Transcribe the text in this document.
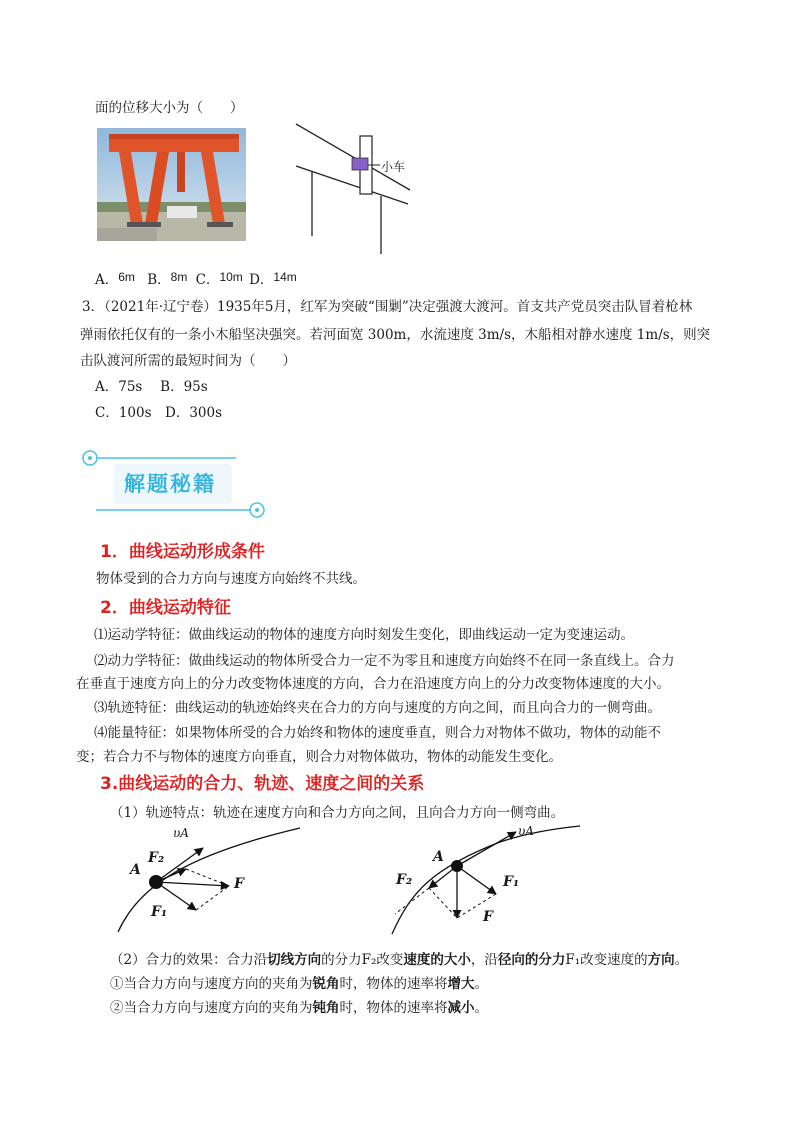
面的位移大小为（　　）
小车
A．6m B．8m C．10m D．14m
3．（2021年·辽宁卷）1935年5月，红军为突破“围剿”决定强渡大渡河。首支共产党员突击队冒着枪林
弹雨依托仅有的一条小木船坚决强突。若河面宽 300m，水流速度 3m/s，木船相对静水速度 1m/s，则突
击队渡河所需的最短时间为（　　）
A．75s　 B．95s
C．100s　D．300s
解题秘籍
1．曲线运动形成条件
物体受到的合力方向与速度方向始终不共线。
2．曲线运动特征
⑴运动学特征：做曲线运动的物体的速度方向时刻发生变化，即曲线运动一定为变速运动。
⑵动力学特征：做曲线运动的物体所受合力一定不为零且和速度方向始终不在同一条直线上。合力
在垂直于速度方向上的分力改变物体速度的方向，合力在沿速度方向上的分力改变物体速度的大小。
⑶轨迹特征：曲线运动的轨迹始终夹在合力的方向与速度的方向之间，而且向合力的一侧弯曲。
⑷能量特征：如果物体所受的合力始终和物体的速度垂直，则合力对物体不做功，物体的动能不
变；若合力不与物体的速度方向垂直，则合力对物体做功，物体的动能发生变化。
3.曲线运动的合力、轨迹、速度之间的关系
（1）轨迹特点：轨迹在速度方向和合力方向之间，且向合力方向一侧弯曲。
υA
F₂
A
F
F₁
υA
A
F₂	F₁
F
（2）合力的效果：合力沿切线方向的分力F₂改变速度的大小，沿径向的分力F₁改变速度的方向。
①当合力方向与速度方向的夹角为锐角时，物体的速率将增大。
②当合力方向与速度方向的夹角为钝角时，物体的速率将减小。
